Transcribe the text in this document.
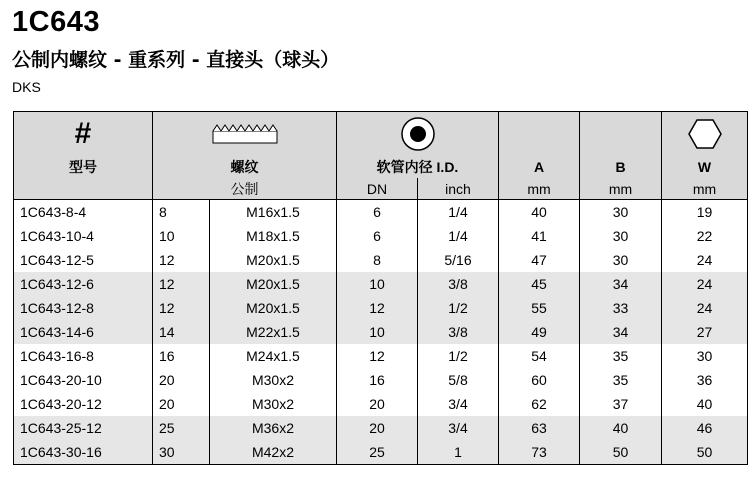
1C643
公制内螺纹 - 重系列 - 直接头（球头）
DKS
#

型号	螺纹		软管内径 I.D.		A	B	W
	公制		DN	inch	mm	mm	mm
1C643-8-4	8	M16x1.5	6	1/4	40	30	19
1C643-10-4	10	M18x1.5	6	1/4	41	30	22
1C643-12-5	12	M20x1.5	8	5/16	47	30	24
1C643-12-6	12	M20x1.5	10	3/8	45	34	24
1C643-12-8	12	M20x1.5	12	1/2	55	33	24
1C643-14-6	14	M22x1.5	10	3/8	49	34	27
1C643-16-8	16	M24x1.5	12	1/2	54	35	30
1C643-20-10	20	M30x2	16	5/8	60	35	36
1C643-20-12	20	M30x2	20	3/4	62	37	40
1C643-25-12	25	M36x2	20	3/4	63	40	46
1C643-30-16	30	M42x2	25	1	73	50	50
